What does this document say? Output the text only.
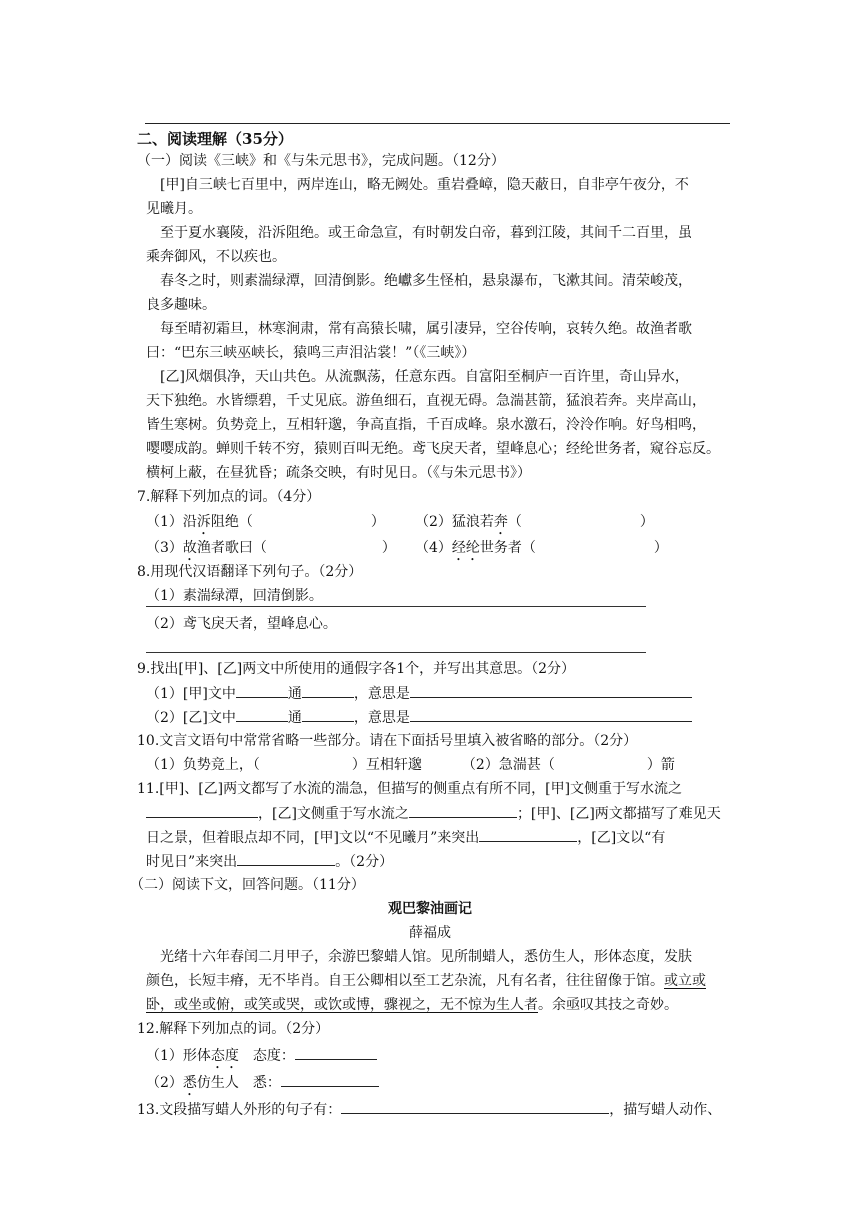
二、阅读理解（35分）
（一）阅读《三峡》和《与朱元思书》，完成问题。（12分）
[甲]自三峡七百里中，两岸连山，略无阙处。重岩叠嶂，隐天蔽日，自非亭午夜分，不
见曦月。
至于夏水襄陵，沿泝阻绝。或王命急宣，有时朝发白帝，暮到江陵，其间千二百里，虽
乘奔御风，不以疾也。
春冬之时，则素湍绿潭，回清倒影。绝巘多生怪柏，悬泉瀑布，飞漱其间。清荣峻茂，
良多趣味。
每至晴初霜旦，林寒涧肃，常有高猿长啸，属引凄异，空谷传响，哀转久绝。故渔者歌
曰：“巴东三峡巫峡长，猿鸣三声泪沾裳！”（《三峡》）
[乙]风烟俱净，天山共色。从流飘荡，任意东西。自富阳至桐庐一百许里，奇山异水，
天下独绝。水皆缥碧，千丈见底。游鱼细石，直视无碍。急湍甚箭，猛浪若奔。夹岸高山，
皆生寒树。负势竞上，互相轩邈，争高直指，千百成峰。泉水激石，泠泠作响。好鸟相鸣，
嘤嘤成韵。蝉则千转不穷，猿则百叫无绝。鸢飞戾天者，望峰息心；经纶世务者，窥谷忘反。
横柯上蔽，在昼犹昏；疏条交映，有时见日。（《与朱元思书》）
7.解释下列加点的词。（4分）
（1）沿泝阻绝（	） （2）猛浪若奔（	）
（3）故渔者歌曰（	） （4）经纶世务者（	）
8.用现代汉语翻译下列句子。（2分）
（1）素湍绿潭，回清倒影。
（2）鸢飞戾天者，望峰息心。
9.找出[甲]、[乙]两文中所使用的通假字各1个，并写出其意思。（2分）
（1）[甲]文中	通	，意思是
（2）[乙]文中	通	，意思是
10.文言文语句中常常省略一些部分。请在下面括号里填入被省略的部分。（2分）
（1）负势竞上，（	）互相轩邈	（2）急湍甚（	）箭
11.[甲]、[乙]两文都写了水流的湍急，但描写的侧重点有所不同，[甲]文侧重于写水流之
，[乙]文侧重于写水流之	；[甲]、[乙]两文都描写了难见天
日之景，但着眼点却不同，[甲]文以“不见曦月”来突出	，[乙]文以“有
时见日”来突出	。（2分）
（二）阅读下文，回答问题。（11分）
观巴黎油画记
薛福成
光绪十六年春闰二月甲子，余游巴黎蜡人馆。见所制蜡人，悉仿生人，形体态度，发肤
颜色，长短丰瘠，无不毕肖。自王公卿相以至工艺杂流，凡有名者，往往留像于馆。或立或
卧，或坐或俯，或笑或哭，或饮或博，骤视之，无不惊为生人者。余亟叹其技之奇妙。
12.解释下列加点的词。（2分）
（1）形体态度　态度：
（2）悉仿生人　悉：
13.文段描写蜡人外形的句子有：	，描写蜡人动作、
